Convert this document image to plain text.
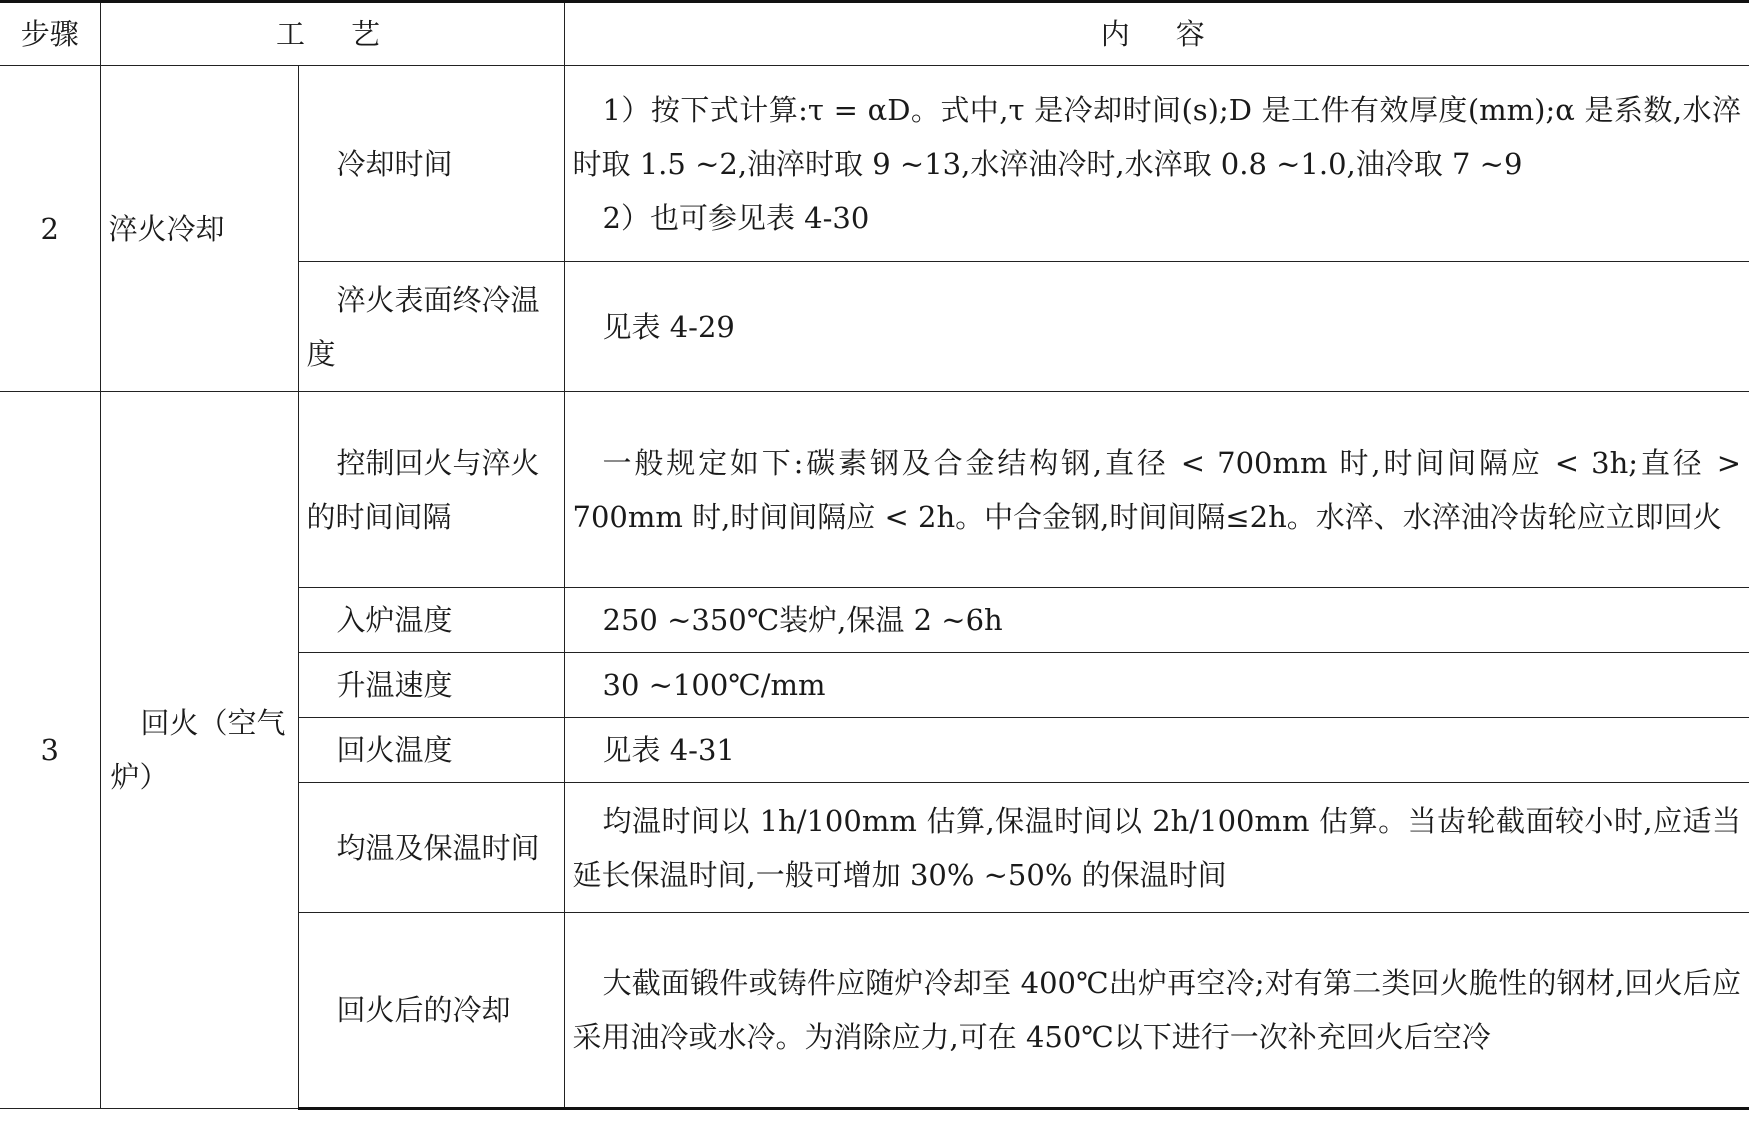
步骤	工艺		内容
2	淬火冷却	冷却时间	1）按下式计算:τ = αD。式中,τ 是冷却时间(s);D 是工件有效厚度(mm);α 是系数,水淬时取 1.5 ~2,油淬时取 9 ~13,水淬油冷时,水淬取 0.8 ~1.0,油冷取 7 ~9

2）也可参见表 4-30

		淬火表面终冷温度	见表 4-29

3	回火（空气炉）	控制回火与淬火的时间间隔	一般规定如下:碳素钢及合金结构钢,直径 < 700mm 时,时间间隔应 < 3h;直径 > 700mm 时,时间间隔应 < 2h。中合金钢,时间间隔≤2h。水淬、水淬油冷齿轮应立即回火

		入炉温度	250 ~350℃装炉,保温 2 ~6h

		升温速度	30 ~100℃/mm

		回火温度	见表 4-31

		均温及保温时间	均温时间以 1h/100mm 估算,保温时间以 2h/100mm 估算。当齿轮截面较小时,应适当延长保温时间,一般可增加 30% ~50% 的保温时间

		回火后的冷却	大截面锻件或铸件应随炉冷却至 400℃出炉再空冷;对有第二类回火脆性的钢材,回火后应采用油冷或水冷。为消除应力,可在 450℃以下进行一次补充回火后空冷
